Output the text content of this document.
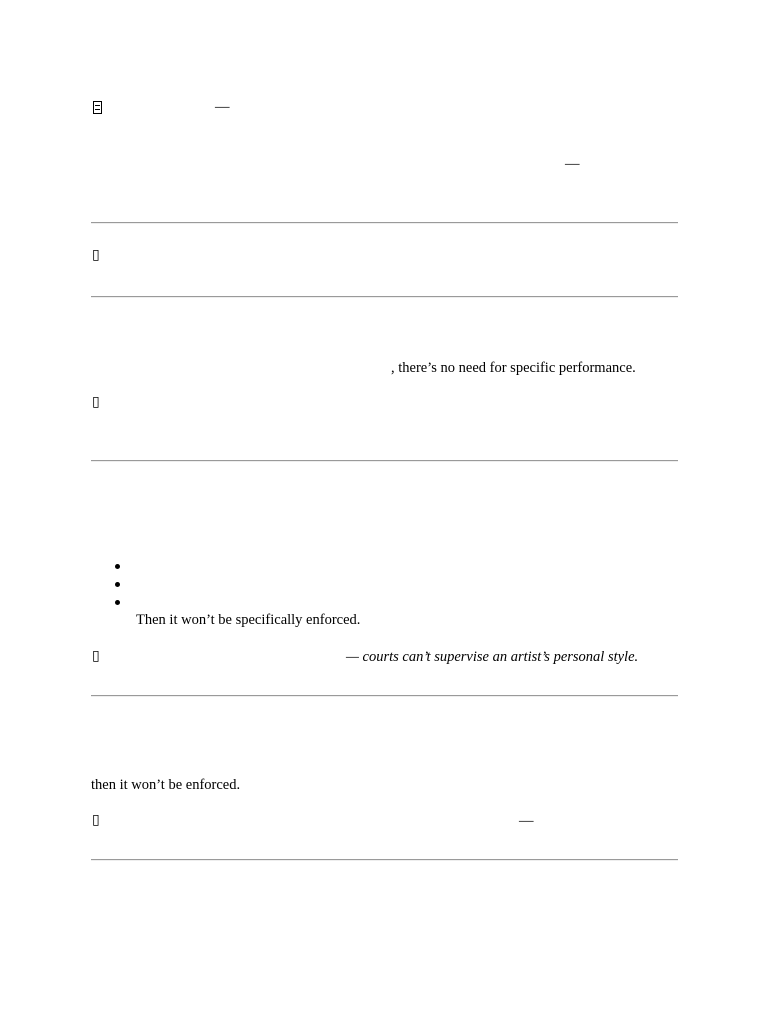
—
—
▯
, there’s no need for specific performance.
▯
Then it won’t be specifically enforced.
▯	— courts can’t supervise an artist’s personal style.
then it won’t be enforced.
▯	—
